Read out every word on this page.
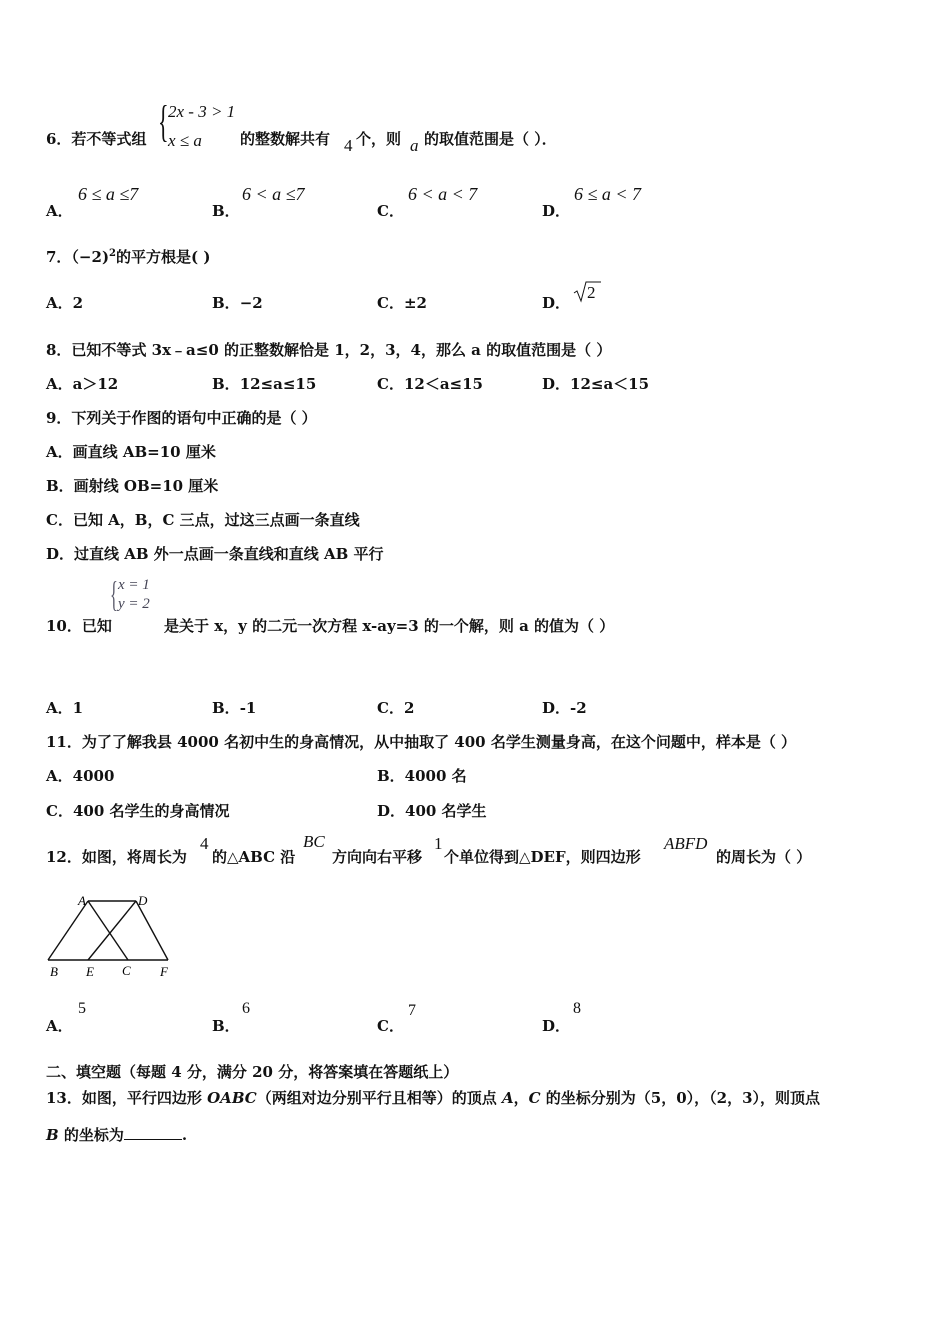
6．若不等式组 { 2x - 3 > 1
x ≤ a	的整数解共有 4 个，则 a 的取值范围是（ ）．
A．
6 ≤ a ≤7
B．
6 < a ≤7
C．
6 < a < 7
D．
6 ≤ a < 7
7．（−2)$^2$的平方根是( )
A．2	B．−2	C．±2	D．
2
8．已知不等式 3x﹣a≤0 的正整数解恰是 1，2，3，4，那么 a 的取值范围是（ ）
A．a＞12	B．12≤a≤15	C．12＜a≤15	D．12≤a＜15
9．下列关于作图的语句中正确的是（ ）
A．画直线 AB=10 厘米
B．画射线 OB=10 厘米
C．已知 A，B，C 三点，过这三点画一条直线
D．过直线 AB 外一点画一条直线和直线 AB 平行
{ x = 1
y = 2
10．已知	是关于 x，y 的二元一次方程 x-ay=3 的一个解，则 a 的值为（ ）
A．1	B．-1	C．2	D．-2
11．为了了解我县 4000 名初中生的身高情况，从中抽取了 400 名学生测量身高，在这个问题中，样本是（ ）
A．4000	B．4000 名
C．400 名学生的身高情况	D．400 名学生
12．如图，将周长为
4
的△ABC 沿
BC
方向向右平移
1
个单位得到△DEF，则四边形
ABFD
的周长为（ ）
A	D
B E C F
A．
5
B．
6
C．
7
D．
8
二、填空题（每题 4 分，满分 20 分，将答案填在答题纸上）
13．如图，平行四边形 OABC（两组对边分别平行且相等）的顶点 A，C 的坐标分别为（5，0），（2，3），则顶点
B 的坐标为	.
